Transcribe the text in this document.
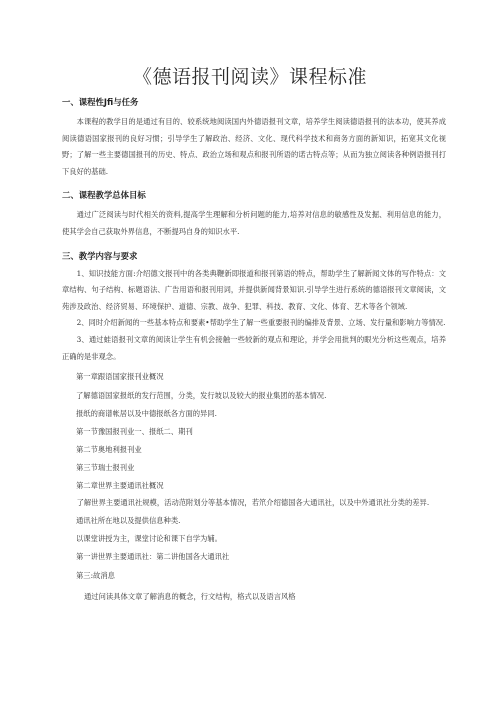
《德语报刊阅读》课程标准
一、课程性Jfi与任务

本课程的教学目的是通过有目的、较系统地阅读国内外德语报刊文章，培养学生阅读德语报刊的法本功，使其养成阅读德语国家报刊的良好习惯；引导学生了解政治、经济、文化、现代科学技术和商务方面的新知识，拓宽其文化视野；了解一些主要德国报刊的历史、特点、政治立场和观点和报刊所语的诺古特点等；从而为独立阅读各种例语报刊打下良好的基础.

二、课程教学总体目标

通过广泛阅读与时代相关的资料,提高学生理解和分析问题的能力,培养对信息的敏感性及发掘、利用信息的能力，使其学会自己获取外界信息，不断提玛自身的知识水平.

三、教学内容与要求

1、知识技能方面:介绍德文报刊中的各类典鞭新即报道和报刊第语的特点，帮助学生了解新闻文体的写作特点：文章结构、句子结构、标题语法、广告用语和报刊用词，并提供新闻背景知识.引导学生进行系统的德语报刊文章阅读，文苑涉及政治、经济贸易、环境保护、道德、宗教、战争、犯罪、科技、教育、文化、体育、艺术等各个领域.

2、同时介绍新闻的一些基本特点和要素•帮助学生了解一些重要报刊的编排及背景、立场、发行量和影响力等情况.

3、通过蛙语报刊文章的阅读让学生有机会接触一些较新的观点和理论，并学会用批判的眼光分析这些观点，培养正确的是非观念。

第一章跟语国家报刊业概况
了解德语国家报纸的发行范围，分类，发行坡以及较大的报业集团的基本情况.
报纸的商谱帐居以及中德报纸各方面的异同.
第一节豫国报刊业一、报纸二、期刊
第二节奥地利报刊业
第三节瑞士报刊业
第二章世界主要通讯社概况

了解世界主要通讯社规模，活动范附划分等基本情况，若笊介绍德国各大通讯社，以及中外通讯社分类的差异.

通讯社所在地以及提供信息种类.
以课堂讲授为主，课堂讨论和课下自学为辅。
第一讲世界主要通讯社：第二讲他国各大通讯社
第三:故消息
通过问读具体文章了解消息的概念，行文结构，格式以及语言风格
